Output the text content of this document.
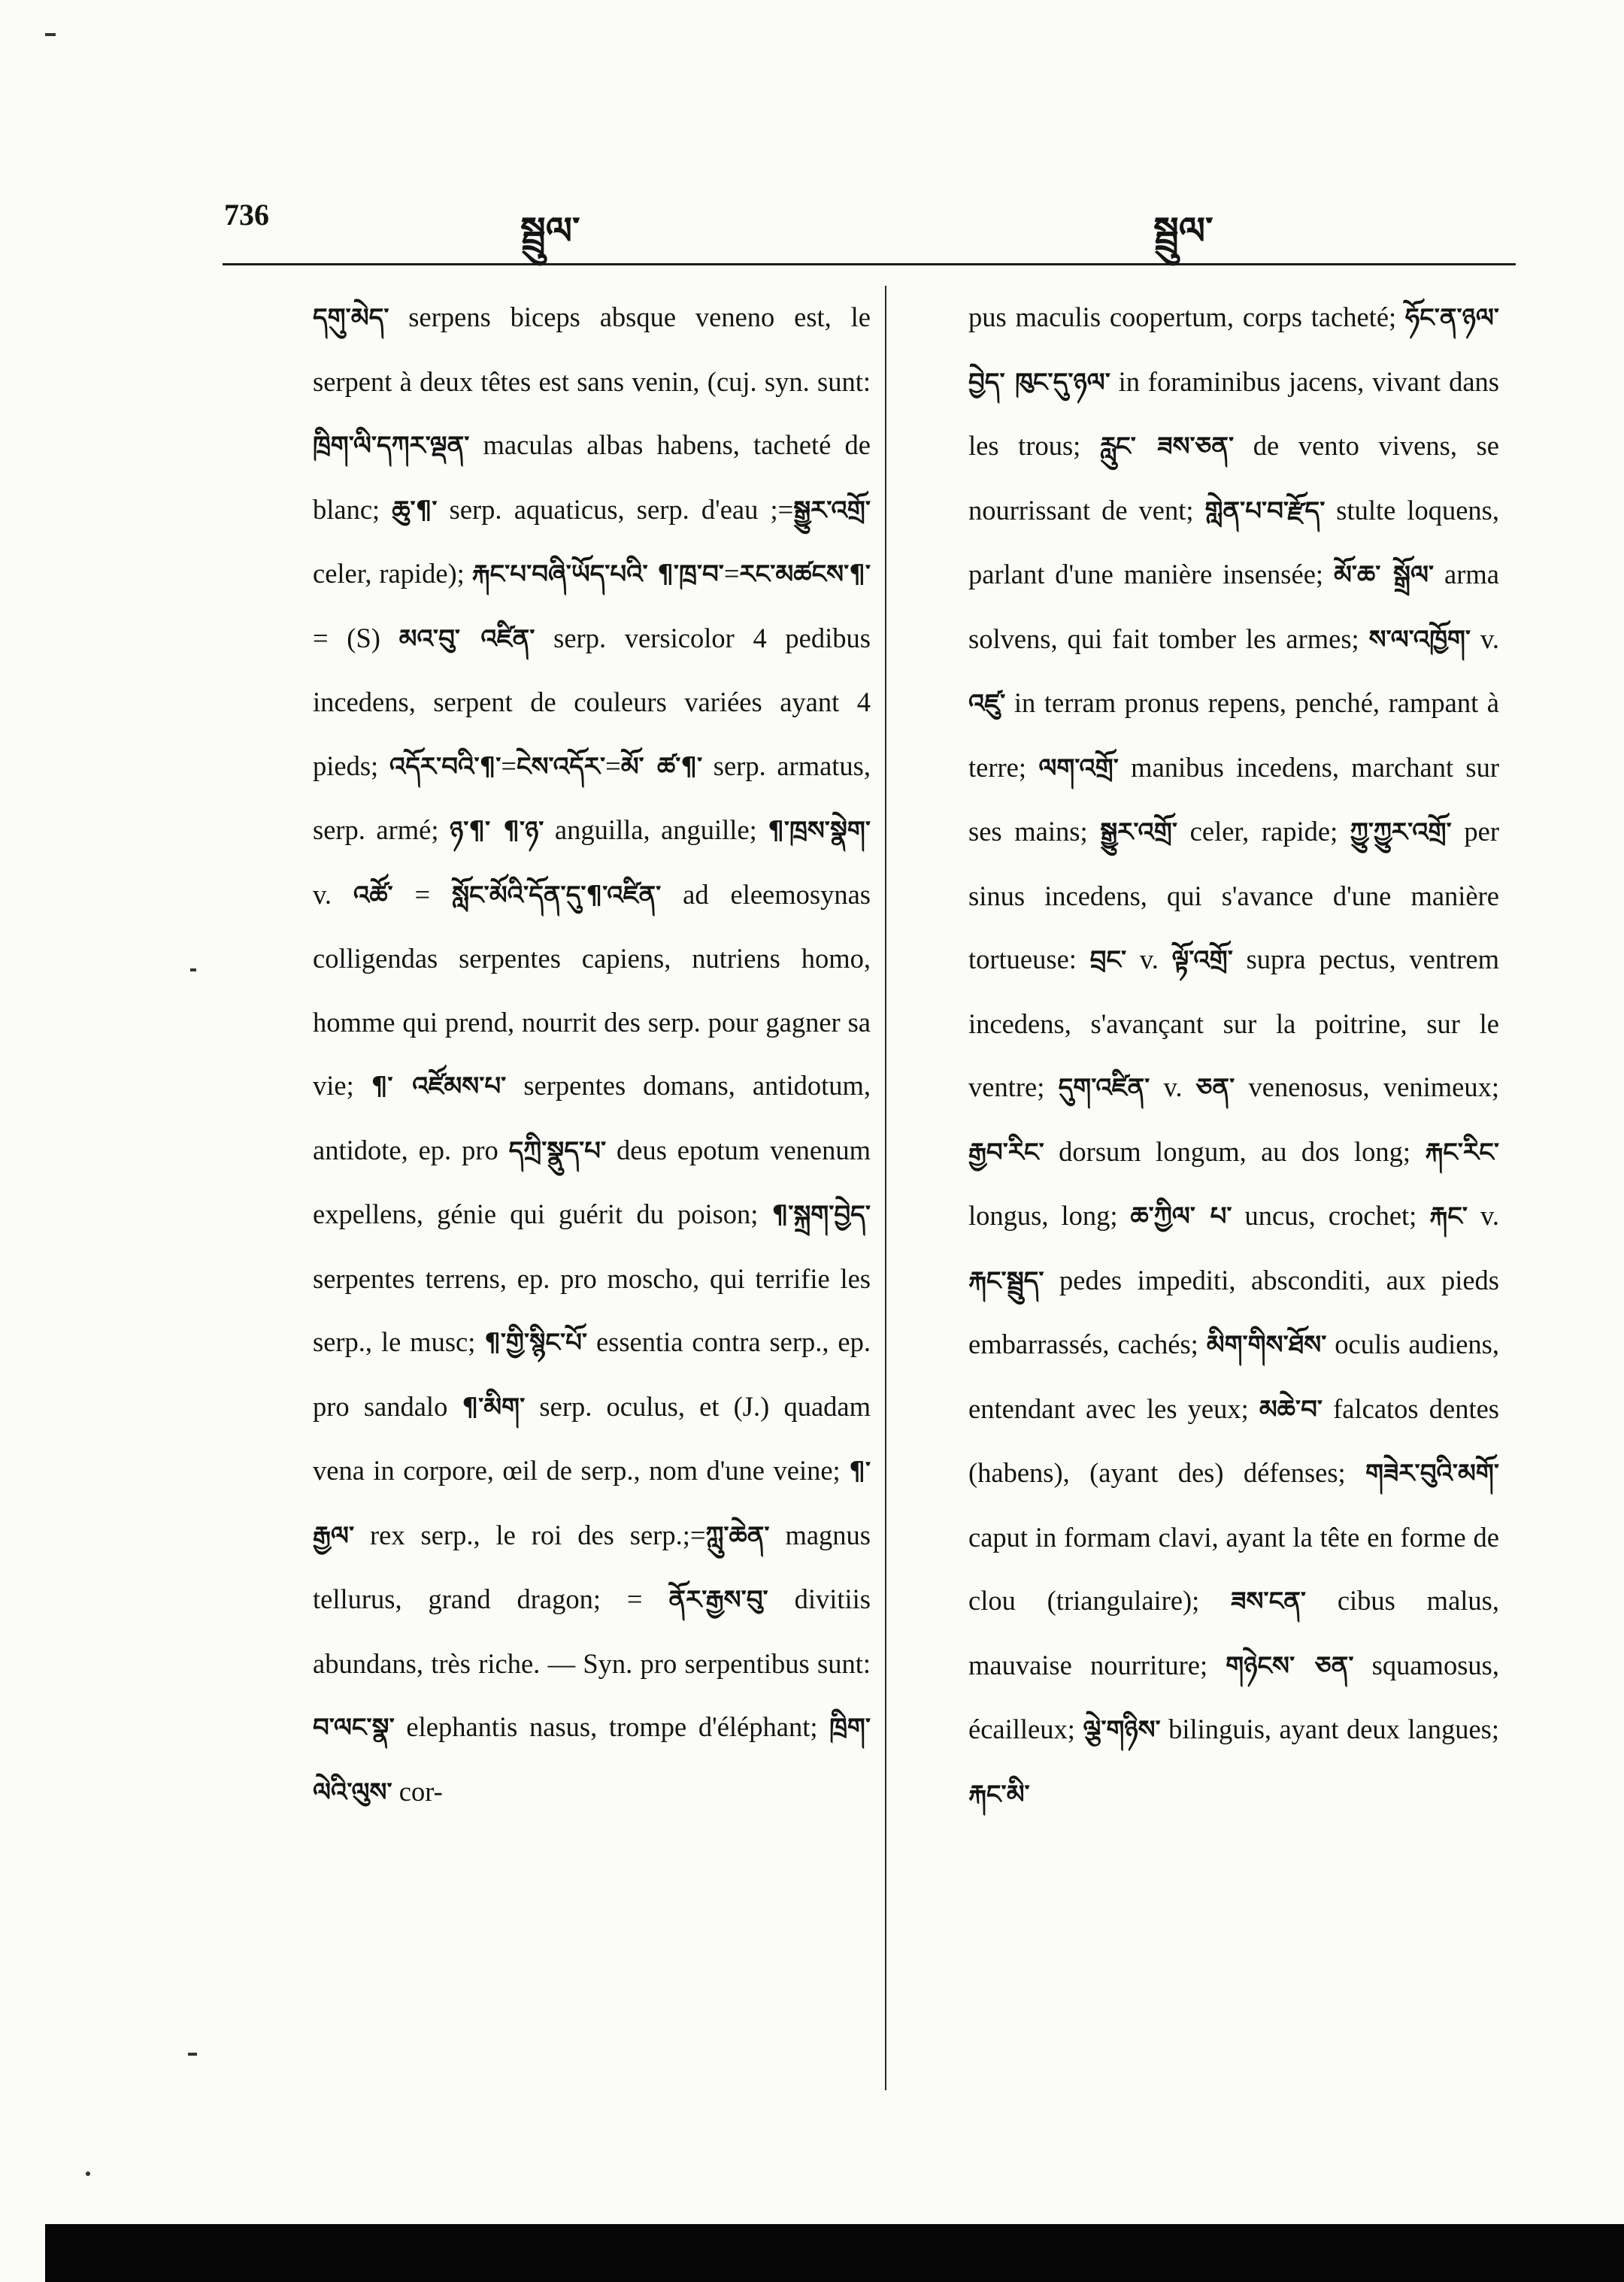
736	སྦྲུལ་	སྦྲུལ་

དགུ་མེད་ serpens biceps absque veneno est, le serpent à deux têtes est sans venin, (cuj. syn. sunt: ཁྲིག་ལི་དཀར་ལྡན་ maculas albas habens, tacheté de blanc; ཆུ་¶་ serp. aquaticus, serp. d'eau ;=སྒྱུར་འགྲོ་ celer, rapide); རྐང་པ་བཞི་ཡོད་པའི་ ¶་ཁྲ་བ་=རང་མཚངས་¶་ = (S) མའ་བུ་ འཛིན་ serp. versicolor 4 pedibus incedens, serpent de couleurs variées ayant 4 pieds; འདོར་བའི་¶་=ངེས་འདོར་=མོ་ ཚ་¶་ serp. armatus, serp. armé; ཉ་¶་ ¶་ཉ་ anguilla, anguille; ¶་ཁྲས་སྣེག་ v. འཚོ་ = སློང་མོའི་དོན་དུ་¶་འཛིན་ ad eleemosynas colligendas serpentes capiens, nutriens homo, homme qui prend, nourrit des serp. pour gagner sa vie; ¶་ འཛོམས་པ་ serpentes domans, antidotum, antidote, ep. pro དཀྲི་སྣུད་པ་ deus epotum venenum expellens, génie qui guérit du poison; ¶་སྐྲག་བྱེད་ serpentes terrens, ep. pro moscho, qui terrifie les serp., le musc; ¶་གྱི་སྙིང་པོ་ essentia contra serp., ep. pro sandalo ¶་མིག་ serp. oculus, et (J.) quadam vena in corpore, œil de serp., nom d'une veine; ¶་རྒྱལ་ rex serp., le roi des serp.;=ཀླུ་ཆེན་ magnus tellurus, grand dragon; = ནོར་རྒྱས་བུ་ divitiis abundans, très riche. — Syn. pro serpentibus sunt: བ་ལང་སྣ་ elephantis nasus, trompe d'éléphant; ཁྲིག་ལེའི་ལུས་ cor-

pus maculis coopertum, corps tacheté; ཧོང་ན་ཉལ་བྱེད་ ཁུང་དུ་ཉལ་ in foraminibus jacens, vivant dans les trous; རླུང་ ཟས་ཅན་ de vento vivens, se nourrissant de vent; གླེན་པ་བ་རྫོད་ stulte loquens, parlant d'une manière insensée; མོ་ཆ་ སྒྲོལ་ arma solvens, qui fait tomber les armes; ས་ལ་འཁྱོག་ v. འཛུ་ in terram pronus repens, penché, rampant à terre; ལག་འགྲོ་ manibus incedens, marchant sur ses mains; སྒྱུར་འགྲོ་ celer, rapide; ཀྱུ་ཀྱུར་འགྲོ་ per sinus incedens, qui s'avance d'une manière tortueuse: བྲང་ v. ལྟོ་འགྲོ་ supra pectus, ventrem incedens, s'avançant sur la poitrine, sur le ventre; དུག་འཛིན་ v. ཅན་ venenosus, venimeux; རྒྱབ་རིང་ dorsum longum, au dos long; རྐང་རིང་ longus, long; ཆ་ཀྱིལ་ པ་ uncus, crochet; རྐང་ v. རྐང་སྦྲུད་ pedes impediti, absconditi, aux pieds embarrassés, cachés; མིག་གིས་ཐོས་ oculis audiens, entendant avec les yeux; མཆེ་བ་ falcatos dentes (habens), (ayant des) défenses; གཟེར་བུའི་མགོ་ caput in formam clavi, ayant la tête en forme de clou (triangulaire); ཟས་ངན་ cibus malus, mauvaise nourriture; གཉེངས་ ཅན་ squamosus, écailleux; ལྕེ་གཉིས་ bilinguis, ayant deux langues; རྐང་མི་
